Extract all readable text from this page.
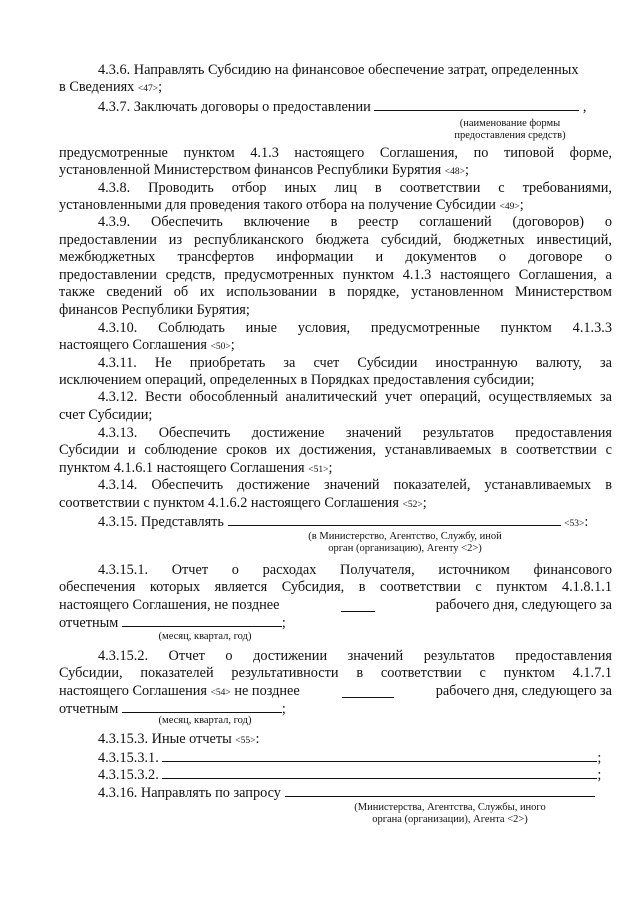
4.3.6. Направлять Субсидию на финансовое обеспечение затрат, определенных
в Сведениях <47>;
4.3.7. Заключать договоры о предоставлении	,
(наименование формы
предоставления средств)
предусмотренные пунктом 4.1.3 настоящего Соглашения, по типовой форме,
установленной Министерством финансов Республики Бурятия <48>;
4.3.8. Проводить отбор иных лиц в соответствии с требованиями,
установленными для проведения такого отбора на получение Субсидии <49>;
4.3.9. Обеспечить включение в реестр соглашений (договоров) о
предоставлении из республиканского бюджета субсидий, бюджетных инвестиций,
межбюджетных трансфертов информации и документов о договоре о
предоставлении средств, предусмотренных пунктом 4.1.3 настоящего Соглашения, а
также сведений об их использовании в порядке, установленном Министерством
финансов Республики Бурятия;
4.3.10. Соблюдать иные условия, предусмотренные пунктом 4.1.3.3
настоящего Соглашения <50>;
4.3.11. Не приобретать за счет Субсидии иностранную валюту, за
исключением операций, определенных в Порядках предоставления субсидии;
4.3.12. Вести обособленный аналитический учет операций, осуществляемых за
счет Субсидии;
4.3.13. Обеспечить достижение значений результатов предоставления
Субсидии и соблюдение сроков их достижения, устанавливаемых в соответствии с
пунктом 4.1.6.1 настоящего Соглашения <51>;
4.3.14. Обеспечить достижение значений показателей, устанавливаемых в
соответствии с пунктом 4.1.6.2 настоящего Соглашения <52>;
4.3.15. Представлять	<53>:
(в Министерство, Агентство, Службу, иной
орган (организацию), Агенту <2>)
4.3.15.1. Отчет о расходах Получателя, источником финансового
обеспечения которых является Субсидия, в соответствии с пунктом 4.1.8.1.1
настоящего Соглашения, не позднее	рабочего дня, следующего за
отчетным	;
(месяц, квартал, год)
4.3.15.2. Отчет о достижении значений результатов предоставления
Субсидии, показателей результативности в соответствии с пунктом 4.1.7.1
настоящего Соглашения <54> не позднее	рабочего дня, следующего за
отчетным	;
(месяц, квартал, год)
4.3.15.3. Иные отчеты <55>:
4.3.15.3.1.	;
4.3.15.3.2.	;
4.3.16. Направлять по запросу
(Министерства, Агентства, Службы, иного
органа (организации), Агента <2>)
